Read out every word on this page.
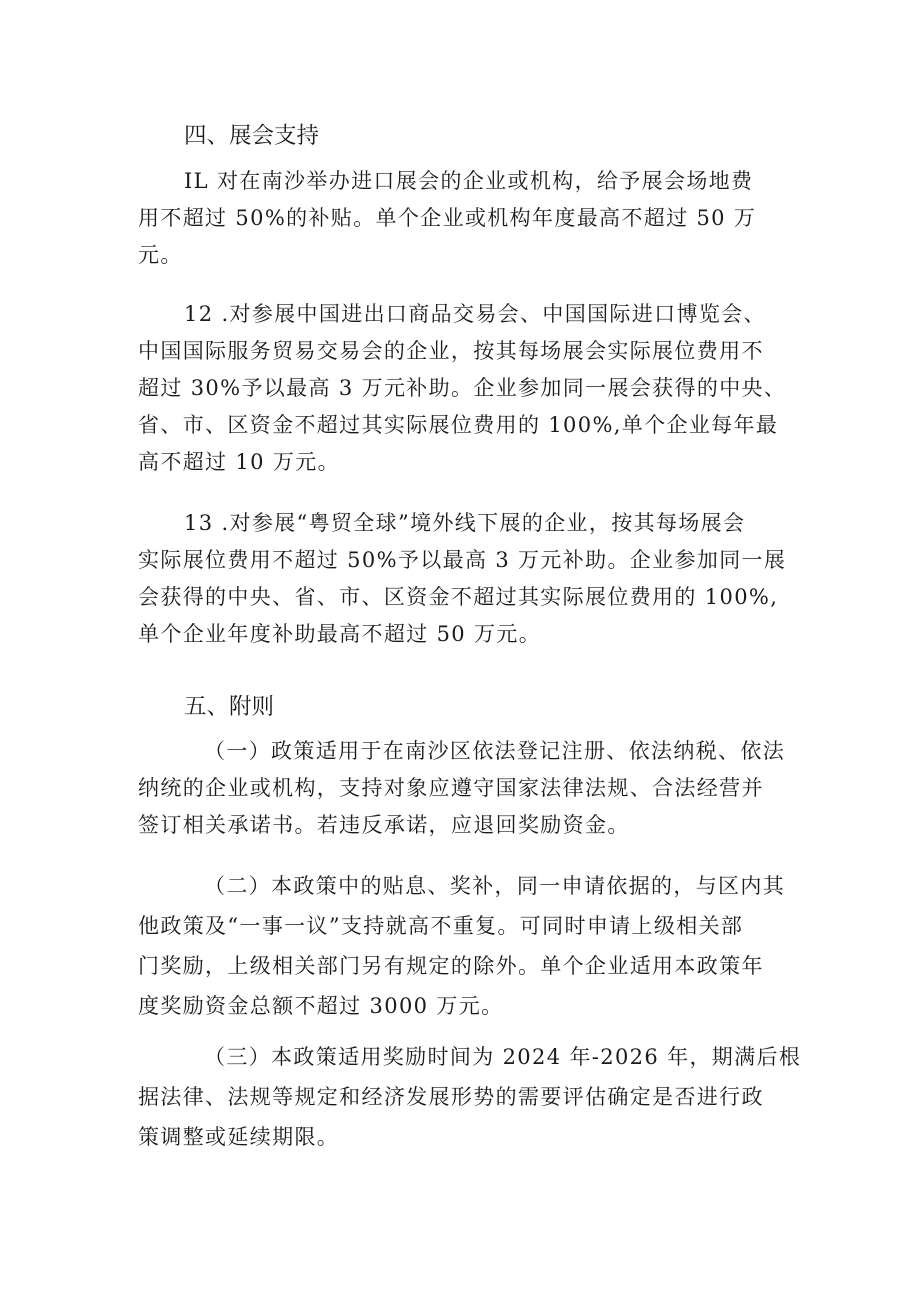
四、展会支持

IL 对在南沙举办进口展会的企业或机构，给予展会场地费
用不超过 50%的补贴。单个企业或机构年度最高不超过 50 万
元。

12 .对参展中国进出口商品交易会、中国国际进口博览会、
中国国际服务贸易交易会的企业，按其每场展会实际展位费用不
超过 30%予以最高 3 万元补助。企业参加同一展会获得的中央、
省、市、区资金不超过其实际展位费用的 100%,单个企业每年最
高不超过 10 万元。

13 .对参展“粤贸全球”境外线下展的企业，按其每场展会
实际展位费用不超过 50%予以最高 3 万元补助。企业参加同一展
会获得的中央、省、市、区资金不超过其实际展位费用的 100%,
单个企业年度补助最高不超过 50 万元。

五、附则

（一）政策适用于在南沙区依法登记注册、依法纳税、依法
纳统的企业或机构，支持对象应遵守国家法律法规、合法经营并
签订相关承诺书。若违反承诺，应退回奖励资金。

（二）本政策中的贴息、奖补，同一申请依据的，与区内其
他政策及“一事一议”支持就高不重复。可同时申请上级相关部
门奖励，上级相关部门另有规定的除外。单个企业适用本政策年
度奖励资金总额不超过 3000 万元。

（三）本政策适用奖励时间为 2024 年-2026 年，期满后根
据法律、法规等规定和经济发展形势的需要评估确定是否进行政
策调整或延续期限。
